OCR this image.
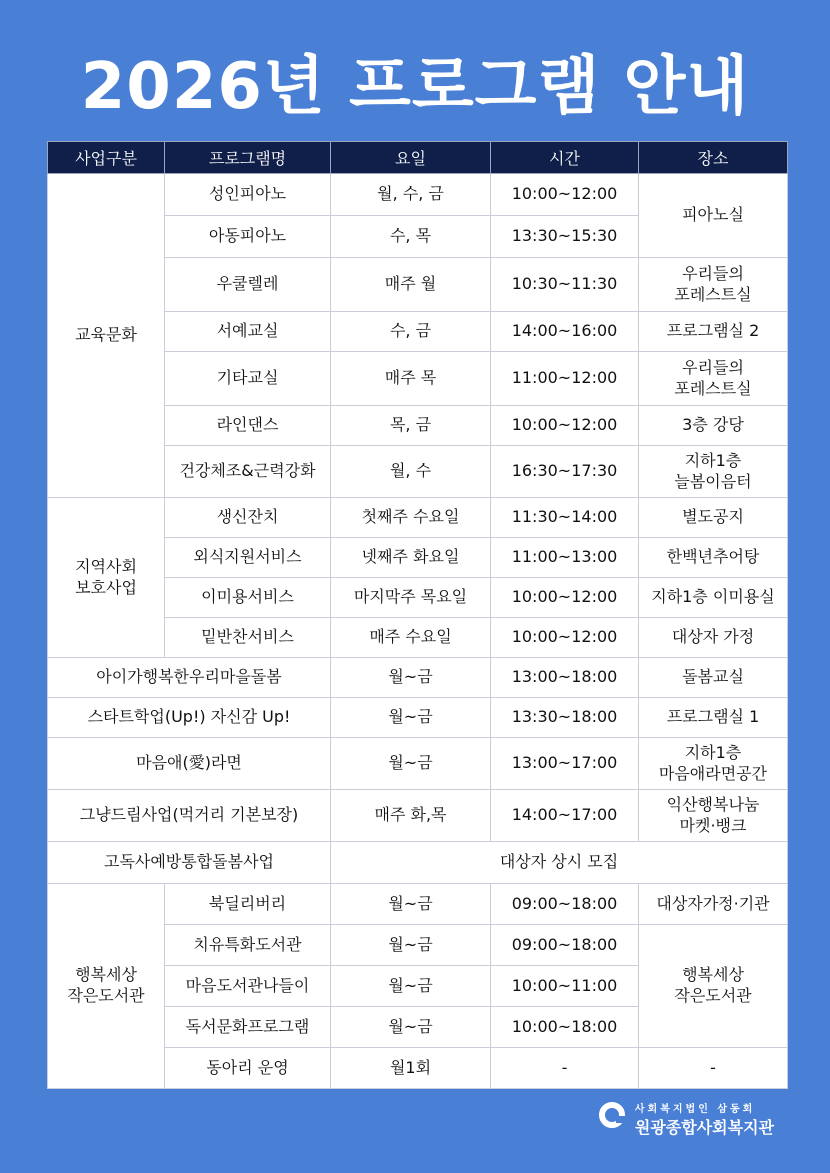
2026년 프로그램 안내
사업구분	프로그램명	요일	시간	장소
교육문화	성인피아노	월, 수, 금	10:00~12:00	피아노실
	아동피아노	수, 목	13:30~15:30	
	우쿨렐레	매주 월	10:30~11:30	우리들의
포레스트실
	서예교실	수, 금	14:00~16:00	프로그램실 2
	기타교실	매주 목	11:00~12:00	우리들의
포레스트실
	라인댄스	목, 금	10:00~12:00	3층 강당
	건강체조&근력강화	월, 수	16:30~17:30	지하1층
늘봄이음터
지역사회
보호사업	생신잔치	첫째주 수요일	11:30~14:00	별도공지
	외식지원서비스	넷째주 화요일	11:00~13:00	한백년추어탕
	이미용서비스	마지막주 목요일	10:00~12:00	지하1층 이미용실
	밑반찬서비스	매주 수요일	10:00~12:00	대상자 가정
아이가행복한우리마을돌봄		월~금	13:00~18:00	돌봄교실
스타트학업(Up!) 자신감 Up!		월~금	13:30~18:00	프로그램실 1
마음애(愛)라면		월~금	13:00~17:00	지하1층
마음애라면공간
그냥드림사업(먹거리 기본보장)		매주 화,목	14:00~17:00	익산행복나눔
마켓·뱅크
고독사예방통합돌봄사업		대상자 상시 모집		
행복세상
작은도서관	북딜리버리	월~금	09:00~18:00	대상자가정·기관
	치유특화도서관	월~금	09:00~18:00	행복세상
작은도서관
	마음도서관나들이	월~금	10:00~11:00	
	독서문화프로그램	월~금	10:00~18:00	
	동아리 운영	월1회	-	-
사회복지법인 삼동회
원광종합사회복지관
